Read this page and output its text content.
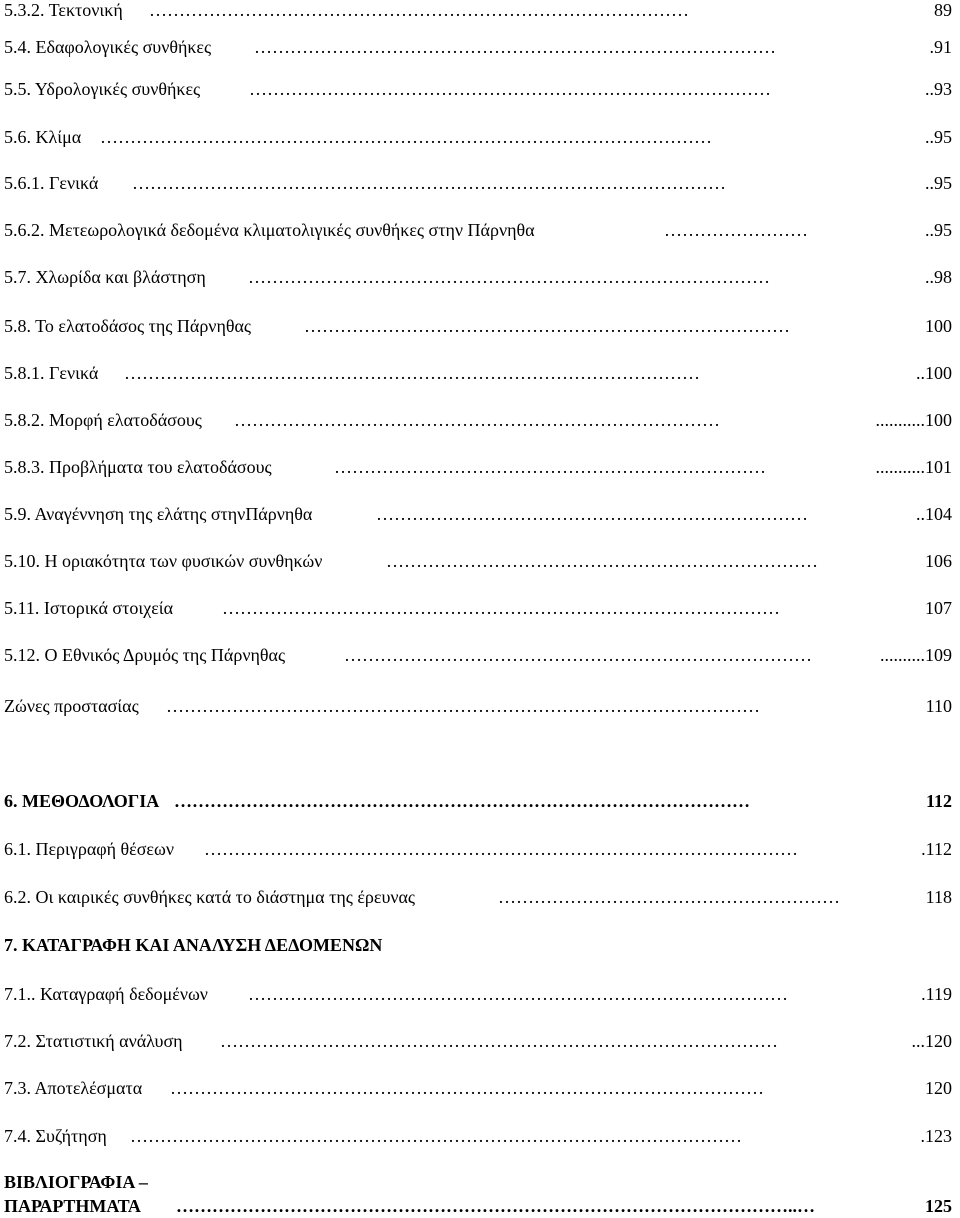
5.3.2. Τεκτονική ………………………………………………………………………………	89
5.4. Εδαφολογικές συνθήκες ……………………………………………………………………………	.91
5.5. Υδρολογικές συνθήκες	……………………………………………………………………………	..93
5.6. Κλίμα …………………………………………………………………………………………	..95
5.6.1. Γενικά ………………………………………………………………………………………	..95
5.6.2. Μετεωρολογικά δεδομένα κλιματολιγικές συνθήκες στην Πάρνηθα	……………………	..95
5.7. Χλωρίδα και βλάστηση ……………………………………………………………………………	..98
5.8. Το ελατοδάσος της Πάρνηθας	………………………………………………………………………	100
5.8.1. Γενικά ……………………………………………………………………………………	..100
5.8.2. Μορφή ελατοδάσους ………………………………………………………………………	...........100
5.8.3. Προβλήματα του ελατοδάσους	………………………………………………………………	...........101
5.9. Αναγέννηση της ελάτης στηνΠάρνηθα	………………………………………………………………	..104
5.10. Η οριακότητα των φυσικών συνθηκών	………………………………………………………………	106
5.11. Ιστορικά στοιχεία	…………………………………………………………………………………	107
5.12. Ο Εθνικός Δρυμός της Πάρνηθας	……………………………………………………………………	..........109
Ζώνες προστασίας ………………………………………………………………………………………	110
6. ΜΕΘΟΔΟΛΟΓΙΑ ……………………………………………………………………………………	112
6.1. Περιγραφή θέσεων ………………………………………………………………………………………	.112
6.2. Οι καιρικές συνθήκες κατά το διάστημα της έρευνας	…………………………………………………	118
7. ΚΑΤΑΓΡΑΦΗ ΚΑΙ ΑΝΑΛΥΣΗ ΔΕΔΟΜΕΝΩΝ
7.1.. Καταγραφή δεδομένων ………………………………………………………………………………	.119
7.2. Στατιστική ανάλυση …………………………………………………………………………………	...120
7.3. Αποτελέσματα ………………………………………………………………………………………	120
7.4. Συζήτηση …………………………………………………………………………………………	.123
ΒΙΒΛΙΟΓΡΑΦΙΑ –
ΠΑΡΑΡΤΗΜΑΤΑ …………………………………………………………………………………………..…	125
